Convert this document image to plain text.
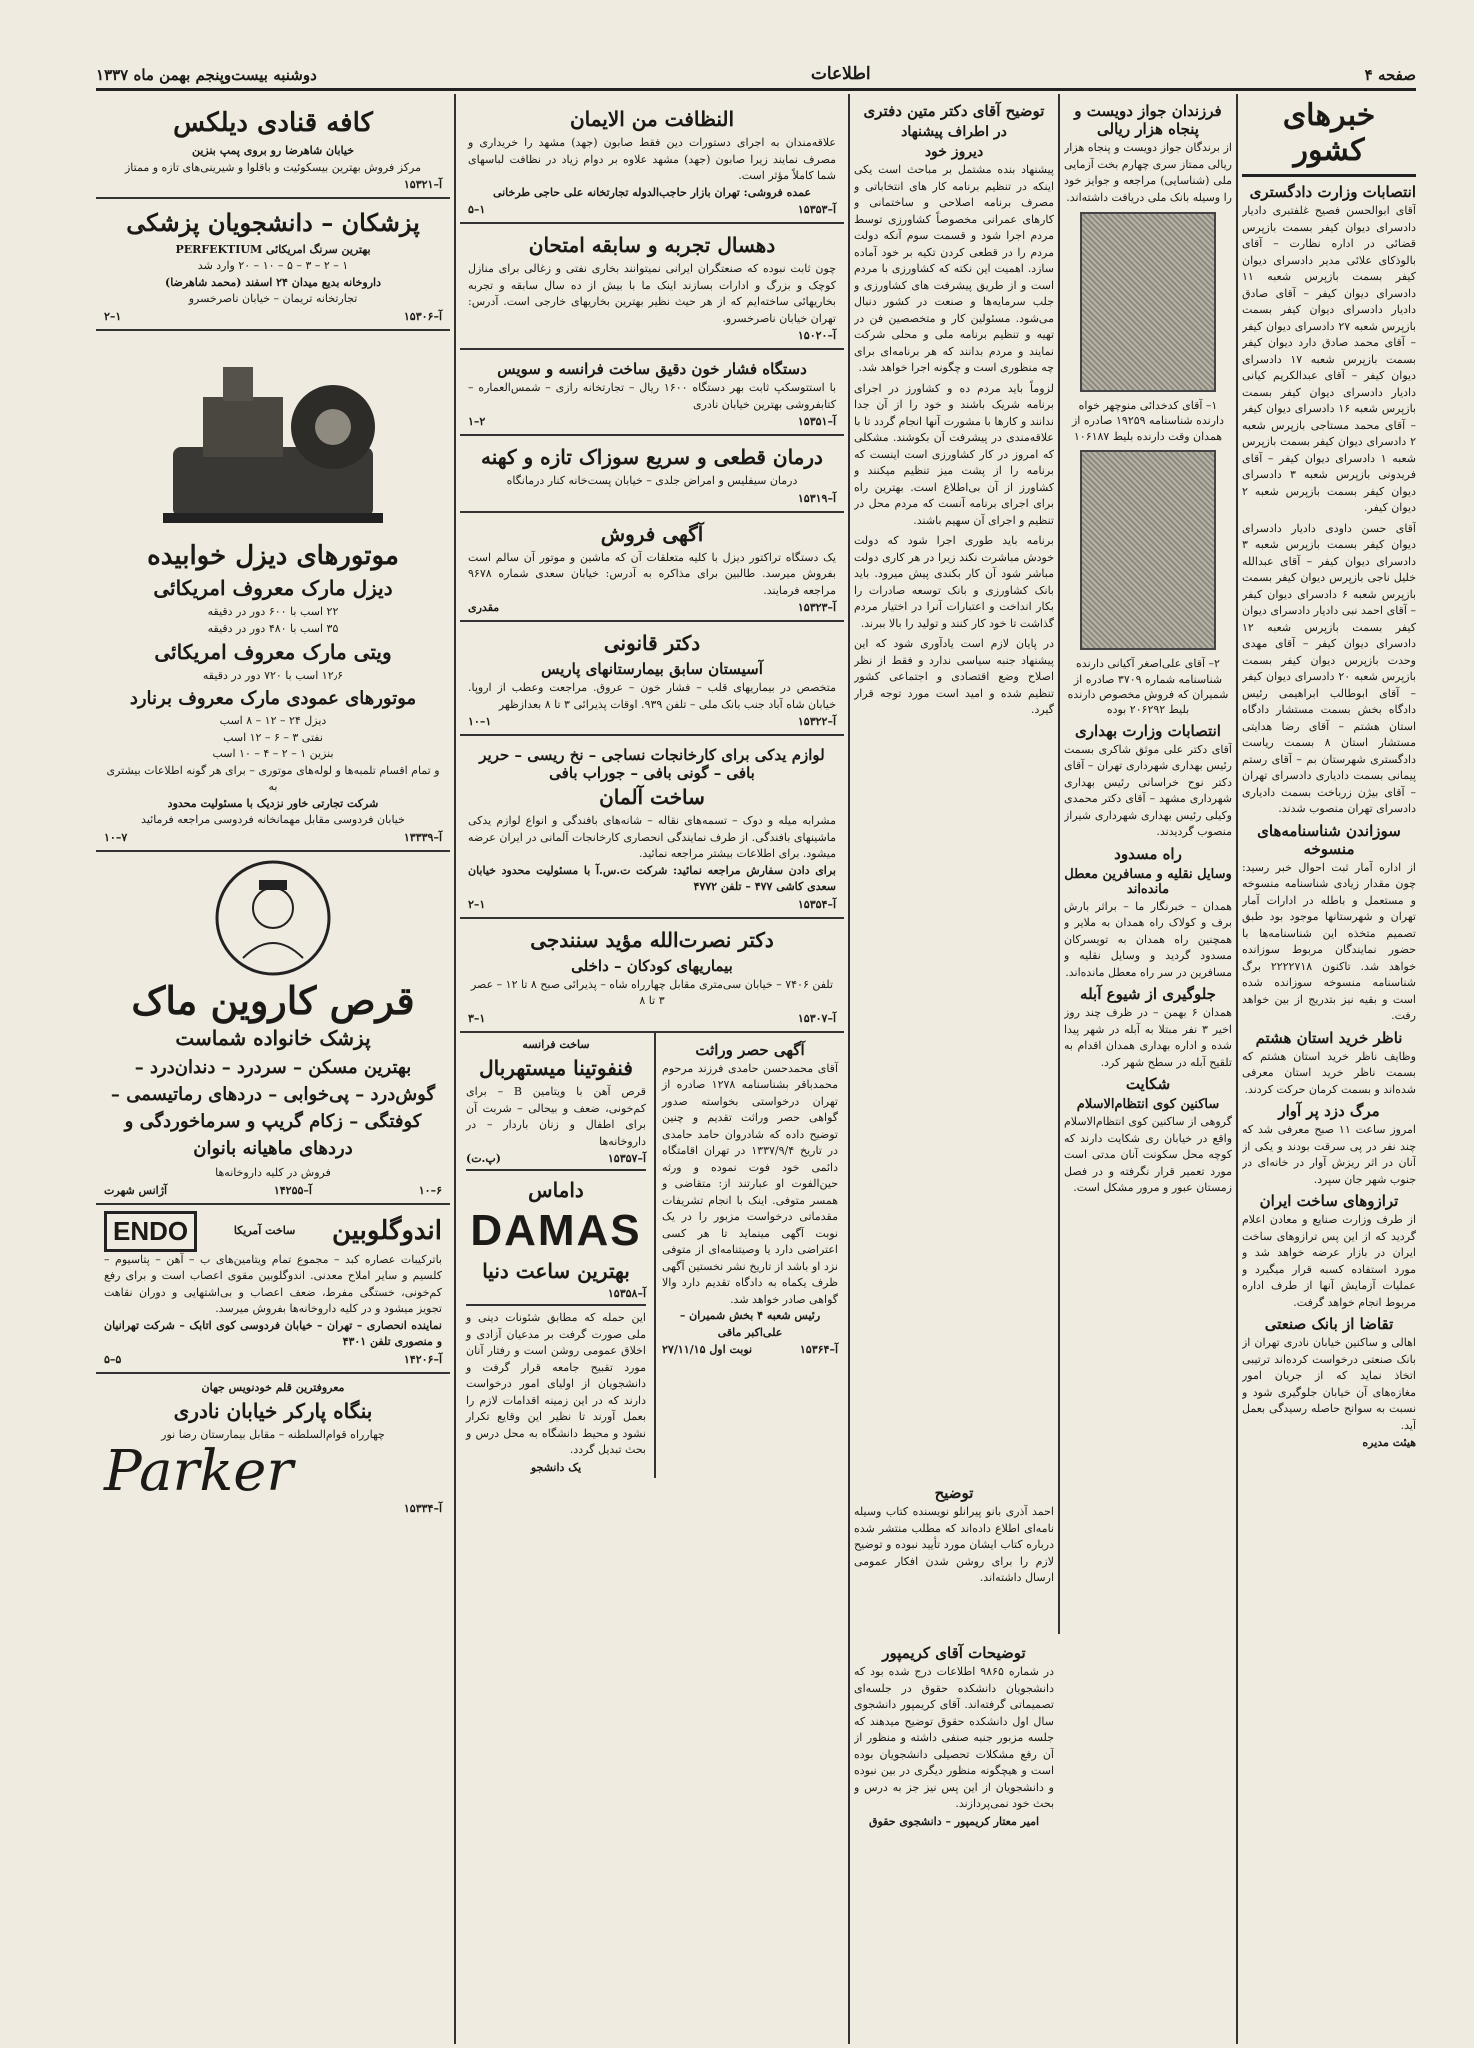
صفحه ۴
اطلاعات
دوشنبه بیست‌وپنجم بهمن ماه ۱۳۳۷
خبرهای کشور
انتصابات وزارت دادگستری
آقای ابوالحسن فصیح غلفتبری دادیار دادسرای دیوان کیفر بسمت بازپرس قضائی در اداره نظارت – آقای بالوذکای علائی مدیر دادسرای دیوان کیفر بسمت بازپرس شعبه ۱۱ دادسرای دیوان کیفر – آقای صادق دادیار دادسرای دیوان کیفر بسمت بازپرس شعبه ۲۷ دادسرای دیوان کیفر – آقای محمد صادق دارد دیوان کیفر بسمت بازپرس شعبه ۱۷ دادسرای دیوان کیفر – آقای عبدالکریم کیانی دادیار دادسرای دیوان کیفر بسمت بازپرس شعبه ۱۶ دادسرای دیوان کیفر – آقای محمد مستاجی بازپرس شعبه ۲ دادسرای دیوان کیفر بسمت بازپرس شعبه ۱ دادسرای دیوان کیفر – آقای فریدونی بازپرس شعبه ۳ دادسرای دیوان کیفر بسمت بازپرس شعبه ۲ دیوان کیفر.
آقای حسن داودی دادیار دادسرای دیوان کیفر بسمت بازپرس شعبه ۳ دادسرای دیوان کیفر – آقای عبدالله خلیل ناجی بازپرس دیوان کیفر بسمت بازپرس شعبه ۶ دادسرای دیوان کیفر – آقای احمد نبی دادیار دادسرای دیوان کیفر بسمت بازپرس شعبه ۱۲ دادسرای دیوان کیفر – آقای مهدی وحدت بازپرس دیوان کیفر بسمت بازپرس شعبه ۲۰ دادسرای دیوان کیفر – آقای ابوطالب ابراهیمی رئیس دادگاه بخش بسمت مستشار دادگاه استان هشتم – آقای رضا هدایتی مستشار استان ۸ بسمت ریاست دادگستری شهرستان بم – آقای رستم پیمانی بسمت دادیاری دادسرای تهران – آقای بیژن زرباخت بسمت دادیاری دادسرای تهران منصوب شدند.
سوزاندن شناسنامه‌های منسوخه
از اداره آمار ثبت احوال خبر رسید: چون مقدار زیادی شناسنامه منسوخه و مستعمل و باطله در ادارات آمار تهران و شهرستانها موجود بود طبق تصمیم متخذه این شناسنامه‌ها با حضور نمایندگان مربوط سوزانده خواهد شد. تاکنون ۲۲۲۲۷۱۸ برگ شناسنامه منسوخه سوزانده شده است و بقیه نیز بتدریج از بین خواهد رفت.
ناظر خرید استان هشتم
وظایف ناظر خرید استان هشتم که بسمت ناظر خرید استان معرفی شده‌اند و بسمت کرمان حرکت کردند.
مرگ دزد پر آوار
امروز ساعت ۱۱ صبح معرفی شد که چند نفر در پی سرقت بودند و یکی از آنان در اثر ریزش آوار در خانه‌ای در جنوب شهر جان سپرد.
ترازوهای ساخت ایران
از طرف وزارت صنایع و معادن اعلام گردید که از این پس ترازوهای ساخت ایران در بازار عرضه خواهد شد و مورد استفاده کسبه قرار میگیرد و عملیات آزمایش آنها از طرف اداره مربوط انجام خواهد گرفت.
تقاضا از بانک صنعتی
اهالی و ساکنین خیابان نادری تهران از بانک صنعتی درخواست کرده‌اند ترتیبی اتخاذ نماید که از جریان امور مغازه‌های آن خیابان جلوگیری شود و نسبت به سوانح حاصله رسیدگی بعمل آید.
هیئت مدیره
فرزندان جواز دویست‌ و پنجاه هزار ریالی
از برندگان جواز دویست و پنجاه هزار ریالی ممتاز سری چهارم بخت آزمایی ملی (شناسایی) مراجعه و جوایز خود را وسیله بانک ملی دریافت داشته‌اند.
۱– آقای کدخدائی منوچهر خواه دارنده شناسنامه ۱۹۲۵۹ صادره از همدان وقت دارنده بلیط ۱۰۶۱۸۷
۲– آقای علی‌اصغر آکیانی دارنده شناسنامه شماره ۳۷۰۹ صادره از شمیران که فروش مخصوص دارنده بلیط ۲۰۶۲۹۲ بوده
انتصابات وزارت بهداری
آقای دکتر علی موثق شاکری بسمت رئیس بهداری شهرداری تهران – آقای دکتر نوح خراسانی رئیس بهداری شهرداری مشهد – آقای دکتر محمدی وکیلی رئیس بهداری شهرداری شیراز منصوب گردیدند.
راه مسدود
وسایل نقلیه و مسافرین معطل مانده‌اند
همدان – خبرنگار ما – براثر بارش برف و کولاک راه همدان به ملایر و همچنین راه همدان به تویسرکان مسدود گردید و وسایل نقلیه و مسافرین در سر راه معطل مانده‌اند.
جلوگیری از شیوع آبله
همدان ۶ بهمن – در ظرف چند روز اخیر ۳ نفر مبتلا به آبله در شهر پیدا شده و اداره بهداری همدان اقدام به تلقیح آبله در سطح شهر کرد.
شکایت
ساکنین کوی انتظام‌الاسلام
گروهی از ساکنین کوی انتظام‌الاسلام واقع در خیابان ری شکایت دارند که کوچه محل سکونت آنان مدتی است مورد تعمیر قرار نگرفته و در فصل زمستان عبور و مرور مشکل است.
توضیح آقای دکتر متین دفتری
در اطراف پیشنهاد
دیروز خود
پیشنهاد بنده مشتمل بر مباحث است یکی اینکه در تنظیم برنامه کار های انتخاباتی و مصرف برنامه اصلاحی و ساختمانی و کارهای عمرانی مخصوصاً کشاورزی توسط مردم اجرا شود و قسمت سوم آنکه دولت مردم را در قطعی کردن تکیه بر خود آماده سازد. اهمیت این نکته که کشاورزی با مردم است و از طریق پیشرفت های کشاورزی و جلب سرمایه‌ها و صنعت در کشور دنبال می‌شود. مسئولین کار و متخصصین فن در تهیه و تنظیم برنامه ملی و محلی شرکت نمایند و مردم بدانند که هر برنامه‌ای برای چه منظوری است و چگونه اجرا خواهد شد.
لزوماً باید مردم ده و کشاورز در اجرای برنامه شریک باشند و خود را از آن جدا ندانند و کارها با مشورت آنها انجام گردد تا با علاقه‌مندی در پیشرفت آن بکوشند. مشکلی که امروز در کار کشاورزی است اینست که برنامه را از پشت میز تنظیم میکنند و کشاورز از آن بی‌اطلاع است. بهترین راه برای اجرای برنامه آنست که مردم محل در تنظیم و اجرای آن سهیم باشند.
برنامه باید طوری اجرا شود که دولت خودش مباشرت نکند زیرا در هر کاری دولت مباشر شود آن کار بکندی پیش میرود. باید بانک کشاورزی و بانک توسعه صادرات را بکار انداخت و اعتبارات آنرا در اختیار مردم گذاشت تا خود کار کنند و تولید را بالا ببرند.
در پایان لازم است یادآوری شود که این پیشنهاد جنبه سیاسی ندارد و فقط از نظر اصلاح وضع اقتصادی و اجتماعی کشور تنظیم شده و امید است مورد توجه قرار گیرد.
توضیح
احمد آذری بانو پیرانلو نویسنده کتاب وسیله نامه‌ای اطلاع داده‌اند که مطلب منتشر شده درباره کتاب ایشان مورد تأیید نبوده و توضیح لازم را برای روشن شدن افکار عمومی ارسال داشته‌اند.
توضیحات آقای کریمپور
در شماره ۹۸۶۵ اطلاعات درج شده بود که دانشجویان دانشکده حقوق در جلسه‌ای تصمیماتی گرفته‌اند. آقای کریمپور دانشجوی سال اول دانشکده حقوق توضیح میدهند که جلسه مزبور جنبه صنفی داشته و منظور از آن رفع مشکلات تحصیلی دانشجویان بوده است و هیچگونه منظور دیگری در بین نبوده و دانشجویان از این پس نیز جز به درس و بحث خود نمی‌پردازند.
امیر معتار کریمپور – دانشجوی حقوق
النظافت من الایمان
علاقه‌مندان به اجرای دستورات دین فقط صابون (جهد) مشهد را خریداری و مصرف نمایند زیرا صابون (جهد) مشهد علاوه بر دوام زیاد در نظافت لباسهای شما کاملاً مؤثر است.
عمده فروشی: تهران بازار حاجب‌الدوله تجارتخانه علی حاجی طرخانی
آ–۱۵۳۵۳
۱–۵
دهسال تجربه و سابقه امتحان
چون ثابت نبوده که صنعتگران ایرانی نمیتوانند بخاری نفتی و زغالی برای منازل کوچک و بزرگ و ادارات بسازند اینک ما با بیش از ده سال سابقه و تجربه بخاریهائی ساخته‌ایم که از هر حیث نظیر بهترین بخاریهای خارجی است. آدرس: تهران خیابان ناصرخسرو.
آ–۱۵۰۲۰
دستگاه فشار خون دقیق ساخت فرانسه و سویس
با استتوسکپ ثابت بهر دستگاه ۱۶۰۰ ریال – تجارتخانه رازی – شمس‌العماره – کتابفروشی بهترین خیابان نادری
آ–۱۵۳۵۱
۲–۱
درمان قطعی و سریع سوزاک تازه و کهنه
درمان سیفلیس و امراض جلدی – خیابان پست‌خانه کنار درمانگاه
آ–۱۵۳۱۹
آگهی فروش
یک دستگاه تراکتور دیزل با کلیه متعلقات آن که ماشین و موتور آن سالم است بفروش میرسد. طالبین برای مذاکره به آدرس: خیابان سعدی شماره ۹۶۷۸ مراجعه فرمایند.
آ–۱۵۳۲۳
مقدری
دکتر قانونی
آسیستان سابق بیمارستانهای پاریس
متخصص در بیماریهای قلب – فشار خون – عروق. مراجعت وعطب از اروپا. خیابان شاه آباد جنب بانک ملی – تلفن ۹۳۹. اوقات پذیرائی ۳ تا ۸ بعدازظهر
آ–۱۵۳۲۲
۱–۱۰
لوازم یدکی برای کارخانجات نساجی – نخ ریسی – حریر بافی – گونی بافی – جوراب بافی
ساخت آلمان
مشرابه میله و دوک – تسمه‌های نقاله – شانه‌های بافندگی و انواع لوازم یدکی ماشینهای بافندگی. از طرف نمایندگی انحصاری کارخانجات آلمانی در ایران عرضه میشود. برای اطلاعات بیشتر مراجعه نمائید.
برای دادن سفارش مراجعه نمائید: شرکت ت.س.آ با مسئولیت محدود خیابان سعدی کاشی ۴۷۷ – تلفن ۴۷۷۲
آ–۱۵۳۵۴
۱–۲
دکتر نصرت‌الله مؤید سنندجی
بیماریهای کودکان – داخلی
تلفن ۷۴۰۶ – خیابان سی‌متری مقابل چهارراه شاه – پذیرائی صبح ۸ تا ۱۲ – عصر ۳ تا ۸
آ–۱۵۳۰۷
۱–۳
آگهی حصر وراثت
آقای محمدحسن حامدی فرزند مرحوم محمدباقر بشناسنامه ۱۲۷۸ صادره از تهران درخواستی بخواسته صدور گواهی حصر وراثت تقدیم و چنین توضیح داده که شادروان حامد حامدی در تاریخ ۱۳۳۷/۹/۴ در تهران اقامتگاه دائمی خود فوت نموده و ورثه حین‌الفوت او عبارتند از: متقاضی و همسر متوفی. اینک با انجام تشریفات مقدماتی درخواست مزبور را در یک نوبت آگهی مینماید تا هر کسی اعتراضی دارد یا وصیتنامه‌ای از متوفی نزد او باشد از تاریخ نشر نخستین آگهی ظرف یکماه به دادگاه تقدیم دارد والا گواهی صادر خواهد شد.
رئیس شعبه ۴ بخش شمیران – علی‌اکبر ماقی
آ–۱۵۳۶۴
نوبت اول ۲۷/۱۱/۱۵
ساخت فرانسه
فنفوتینا میستهربال
قرص آهن با ویتامین B – برای کم‌خونی، ضعف و بیحالی – شربت آن برای اطفال و زنان باردار – در داروخانه‌ها
آ–۱۵۳۵۷
(پ.ت)
داماس
DAMAS
بهترین ساعت دنیا
آ–۱۵۳۵۸
این حمله که مطابق شئونات دینی و ملی صورت گرفت بر مدعیان آزادی و اخلاق عمومی روشن است و رفتار آنان مورد تقبیح جامعه قرار گرفت و دانشجویان از اولیای امور درخواست دارند که در این زمینه اقدامات لازم را بعمل آورند تا نظیر این وقایع تکرار نشود و محیط دانشگاه به محل درس و بحث تبدیل گردد.
یک دانشجو
کافه قنادی دیلکس
خیابان شاهرضا رو بروی پمپ بنزین
مرکز فروش بهترین بیسکوئیت و باقلوا و شیرینی‌های تازه و ممتاز
آ–۱۵۳۲۱
پزشکان – دانشجویان پزشکی
بهترین سرنگ امریکائی PERFEKTIUM
۱ – ۲ – ۳ – ۵ – ۱۰ – ۲۰ وارد شد
داروخانه بدیع میدان ۲۴ اسفند (محمد شاهرضا)
تجارتخانه تریمان – خیابان ناصرخسرو
آ–۱۵۳۰۶
۱–۲
موتورهای دیزل خوابیده
دیزل مارک معروف امریکائی
۲۲ اسب با ۶۰۰ دور در دقیقه
۳۵ اسب با ۴۸۰ دور در دقیقه
ویتی مارک معروف امریکائی
۱۲٫۶ اسب با ۷۲۰ دور در دقیقه
موتورهای عمودی مارک معروف برنارد
دیزل ۲۴ – ۱۲ – ۸ اسب
نفتی ۳ – ۶ – ۱۲ اسب
بنزین ۱ – ۲ – ۴ – ۱۰ اسب
و تمام اقسام تلمبه‌ها و لوله‌های موتوری – برای هر گونه اطلاعات بیشتری به
شرکت تجارتی خاور نزدیک با مسئولیت محدود
خیابان فردوسی مقابل مهمانخانه فردوسی مراجعه فرمائید
آ–۱۳۳۳۹
۷–۱۰
قرص کاروین ماک
پزشک خانواده شماست
بهترین مسکن – سردرد – دندان‌درد – گوش‌درد – پی‌خوابی – دردهای رماتیسمی – کوفتگی – زکام گریپ و سرماخوردگی و دردهای ماهیانه بانوان
فروش در کلیه داروخانه‌ها
۶–۱۰
آ–۱۴۲۵۵
آژانس شهرت
اندوگلوبین
ساخت آمریکا
ENDO
باترکیبات عصاره کبد – مجموع تمام ویتامین‌های ب – آهن – پتاسیوم – کلسیم و سایر املاح معدنی. اندوگلوبین مقوی اعصاب است و برای رفع کم‌خونی، خستگی مفرط، ضعف اعصاب و بی‌اشتهایی و دوران نقاهت تجویز میشود و در کلیه داروخانه‌ها بفروش میرسد.
نماینده انحصاری – تهران – خیابان فردوسی کوی اتابک – شرکت تهرانیان و منصوری تلفن ۴۳۰۱
آ–۱۴۲۰۶
۵–۵
معروفترین قلم خودنویس جهان
بنگاه پارکر خیابان نادری
چهارراه قوام‌السلطنه – مقابل بیمارستان رضا نور
Parker
آ–۱۵۳۳۴
